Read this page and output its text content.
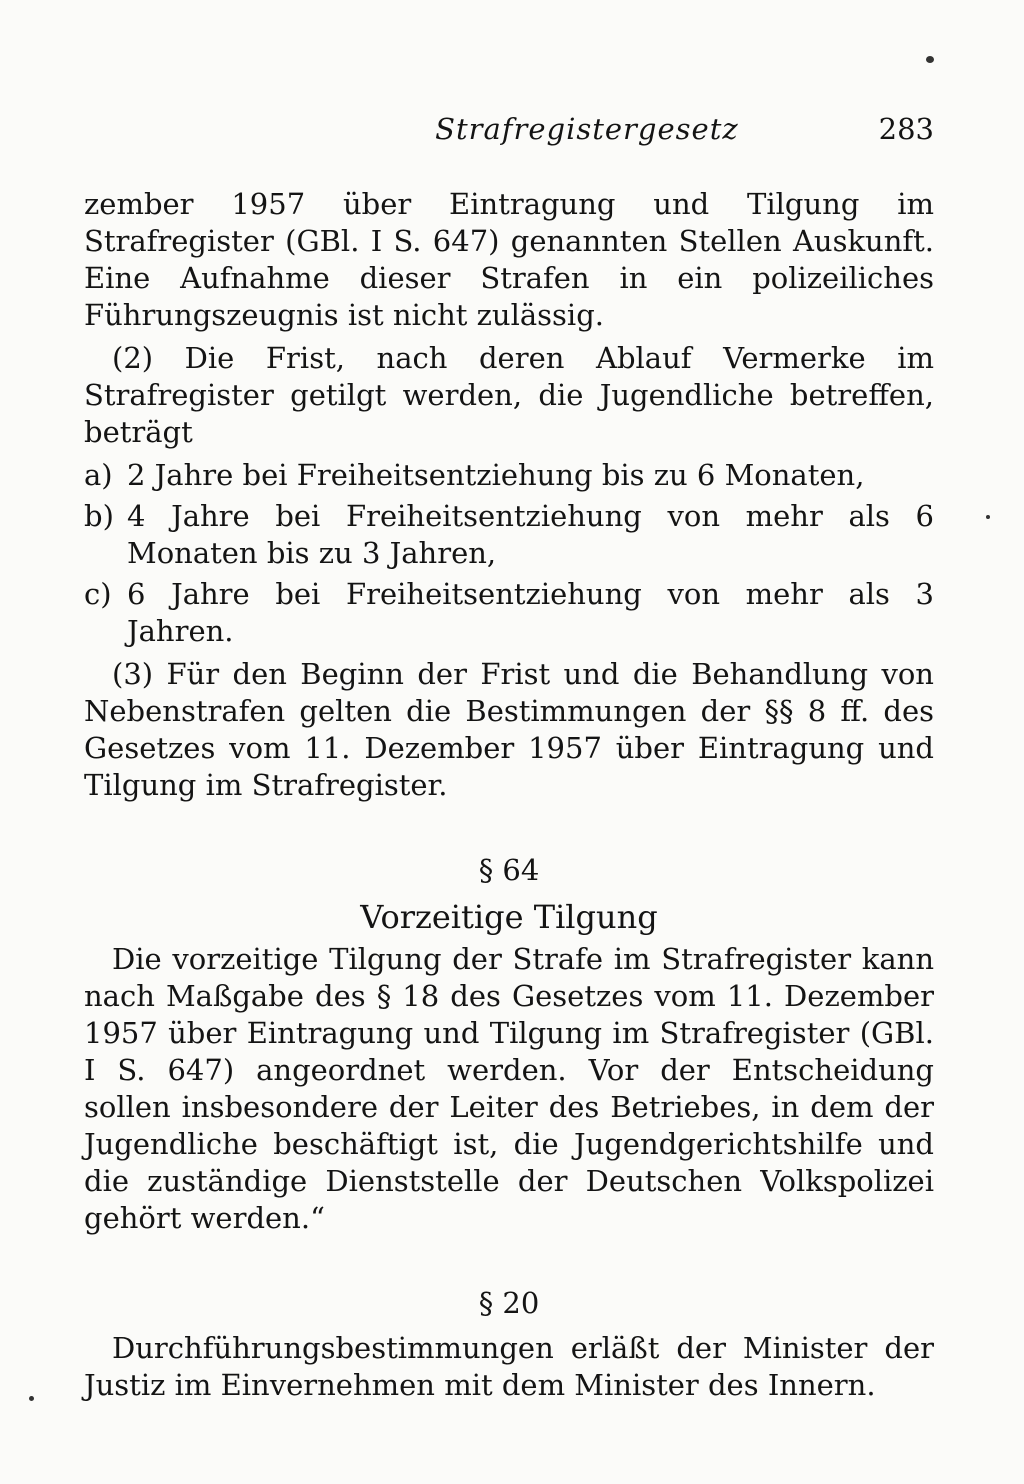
Strafregistergesetz	283

zember 1957 über Eintragung und Tilgung im Strafregister (GBl. I S. 647) genannten Stellen Auskunft. Eine Aufnahme dieser Strafen in ein polizeiliches Führungszeugnis ist nicht zulässig.

(2) Die Frist, nach deren Ablauf Vermerke im Strafregister getilgt werden, die Jugendliche betreffen, beträgt

a) 2 Jahre bei Freiheitsentziehung bis zu 6 Monaten,
b) 4 Jahre bei Freiheitsentziehung von mehr als 6 Monaten bis zu 3 Jahren,
c) 6 Jahre bei Freiheitsentziehung von mehr als 3 Jahren.

(3) Für den Beginn der Frist und die Behandlung von Nebenstrafen gelten die Bestimmungen der §§ 8 ff. des Gesetzes vom 11. Dezember 1957 über Eintragung und Tilgung im Strafregister.

§ 64
Vorzeitige Tilgung

Die vorzeitige Tilgung der Strafe im Strafregister kann nach Maßgabe des § 18 des Gesetzes vom 11. Dezember 1957 über Eintragung und Tilgung im Strafregister (GBl. I S. 647) angeordnet werden. Vor der Entscheidung sollen insbesondere der Leiter des Betriebes, in dem der Jugendliche beschäftigt ist, die Jugendgerichtshilfe und die zuständige Dienststelle der Deutschen Volkspolizei gehört werden.“

§ 20

Durchführungsbestimmungen erläßt der Minister der Justiz im Einvernehmen mit dem Minister des Innern.
